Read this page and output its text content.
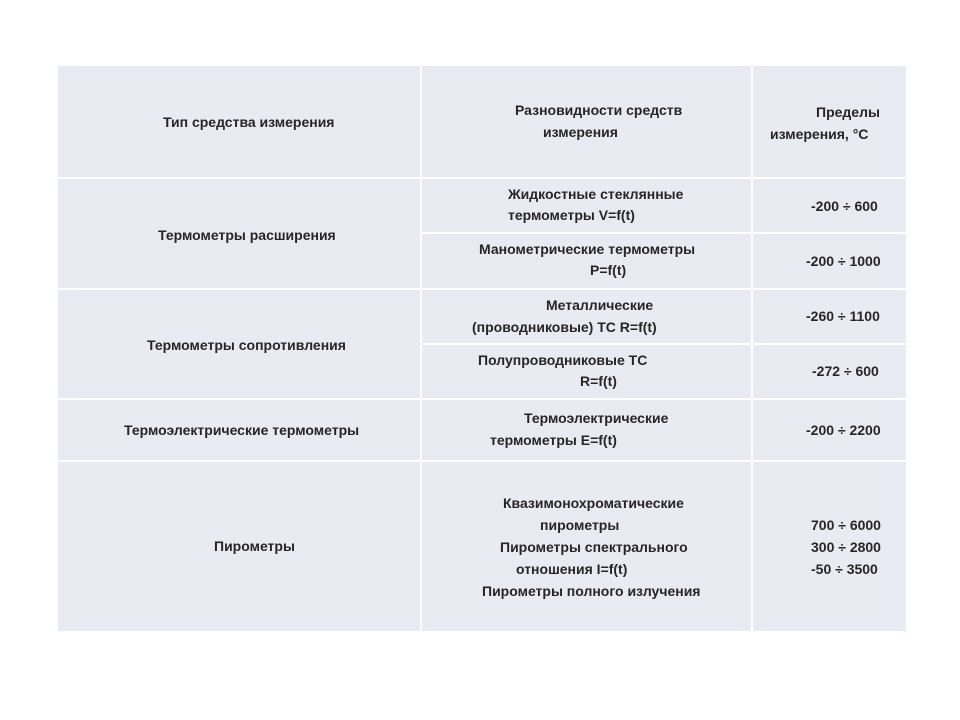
Тип средства измерения
Разновидности средств
измерения
Пределы
измерения, °С
Термометры расширения
Жидкостные стеклянные
термометры V=f(t)
-200 ÷ 600
Манометрические термометры
P=f(t)
-200 ÷ 1000
Термометры сопротивления
Металлические
(проводниковые) ТС R=f(t)
-260 ÷ 1100
Полупроводниковые ТС
R=f(t)
-272 ÷ 600
Термоэлектрические термометры
Термоэлектрические
термометры E=f(t)
-200 ÷ 2200
Пирометры
Квазимонохроматические
пирометры
Пирометры спектрального
отношения I=f(t)
Пирометры полного излучения
700 ÷ 6000
300 ÷ 2800
-50 ÷ 3500
